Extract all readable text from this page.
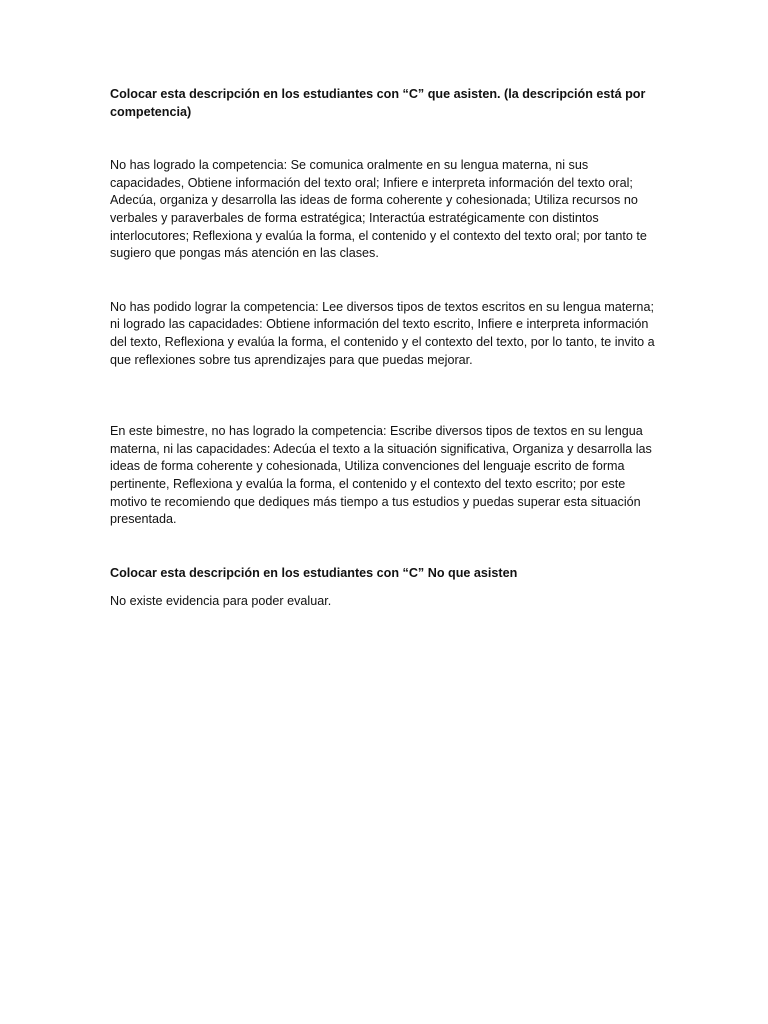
Colocar esta descripción en los estudiantes con “C” que asisten. (la descripción está por competencia)

No has logrado la competencia: Se comunica oralmente en su lengua materna, ni sus capacidades, Obtiene información del texto oral; Infiere e interpreta información del texto oral; Adecúa, organiza y desarrolla las ideas de forma coherente y cohesionada; Utiliza recursos no verbales y paraverbales de forma estratégica; Interactúa estratégicamente con distintos interlocutores; Reflexiona y evalúa la forma, el contenido y el contexto del texto oral; por tanto te sugiero que pongas más atención en las clases.

No has podido lograr la competencia: Lee diversos tipos de textos escritos en su lengua materna; ni logrado las capacidades: Obtiene información del texto escrito, Infiere e interpreta información del texto, Reflexiona y evalúa la forma, el contenido y el contexto del texto, por lo tanto, te invito a que reflexiones sobre tus aprendizajes para que puedas mejorar.

En este bimestre, no has logrado la competencia: Escribe diversos tipos de textos en su lengua materna, ni las capacidades: Adecúa el texto a la situación significativa, Organiza y desarrolla las ideas de forma coherente y cohesionada, Utiliza convenciones del lenguaje escrito de forma pertinente, Reflexiona y evalúa la forma, el contenido y el contexto del texto escrito; por este motivo te recomiendo que dediques más tiempo a tus estudios y puedas superar esta situación presentada.

Colocar esta descripción en los estudiantes con “C” No que asisten

No existe evidencia para poder evaluar.
